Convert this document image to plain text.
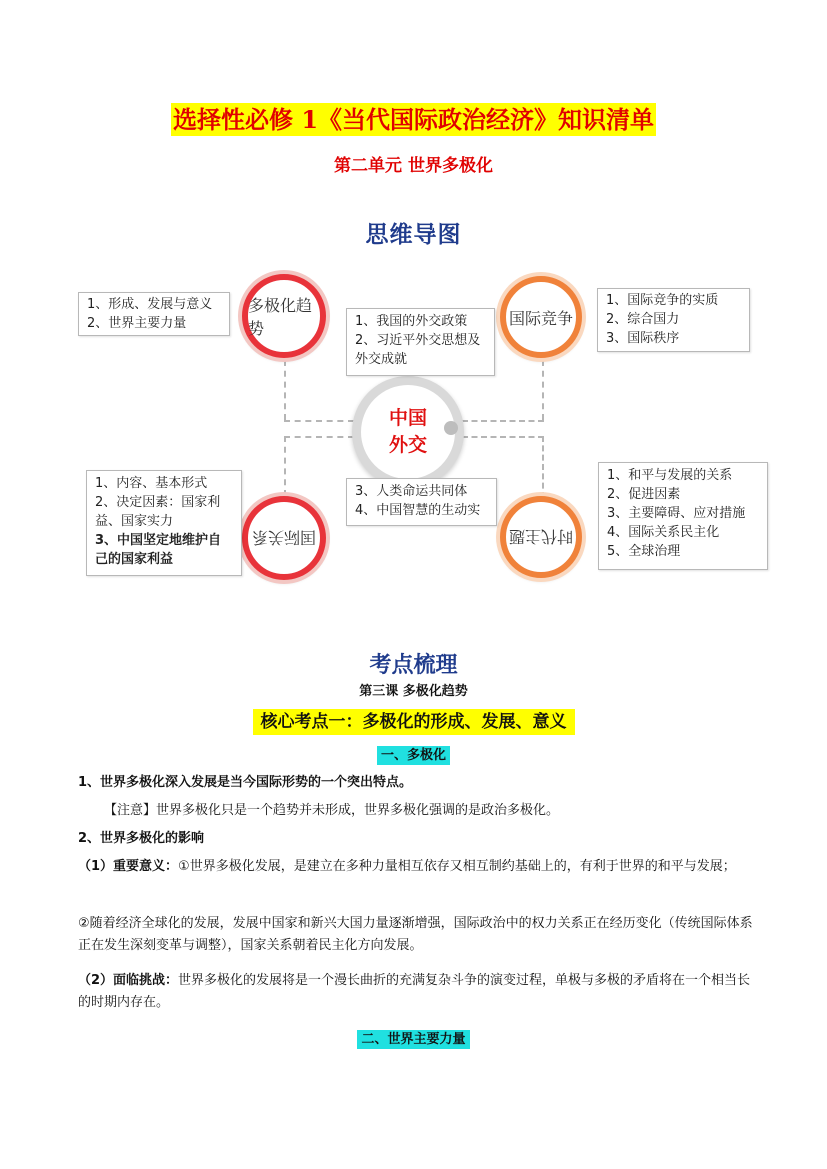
选择性必修 1《当代国际政治经济》知识清单
第二单元 世界多极化
思维导图
多极化趋势
国际竞争
国际关系	时代主题
中国
外交
1、形成、发展与意义
2、世界主要力量
1、国际竞争的实质
2、综合国力
3、国际秩序
1、我国的外交政策
2、习近平外交思想及外交成就
3、人类命运共同体
4、中国智慧的生动实
1、内容、基本形式
2、决定因素：国家利益、国家实力
3、中国坚定地维护自己的国家利益
1、和平与发展的关系
2、促进因素
3、主要障碍、应对措施
4、国际关系民主化
5、全球治理
考点梳理
第三课 多极化趋势
核心考点一：多极化的形成、发展、意义
一、多极化
1、世界多极化深入发展是当今国际形势的一个突出特点。
【注意】世界多极化只是一个趋势并未形成，世界多极化强调的是政治多极化。
2、世界多极化的影响
（1）重要意义：①世界多极化发展，是建立在多种力量相互依存又相互制约基础上的，有利于世界的和平与发展；
②随着经济全球化的发展，发展中国家和新兴大国力量逐渐增强，国际政治中的权力关系正在经历变化（传统国际体系正在发生深刻变革与调整），国家关系朝着民主化方向发展。
（2）面临挑战：世界多极化的发展将是一个漫长曲折的充满复杂斗争的演变过程，单极与多极的矛盾将在一个相当长的时期内存在。
二、世界主要力量
